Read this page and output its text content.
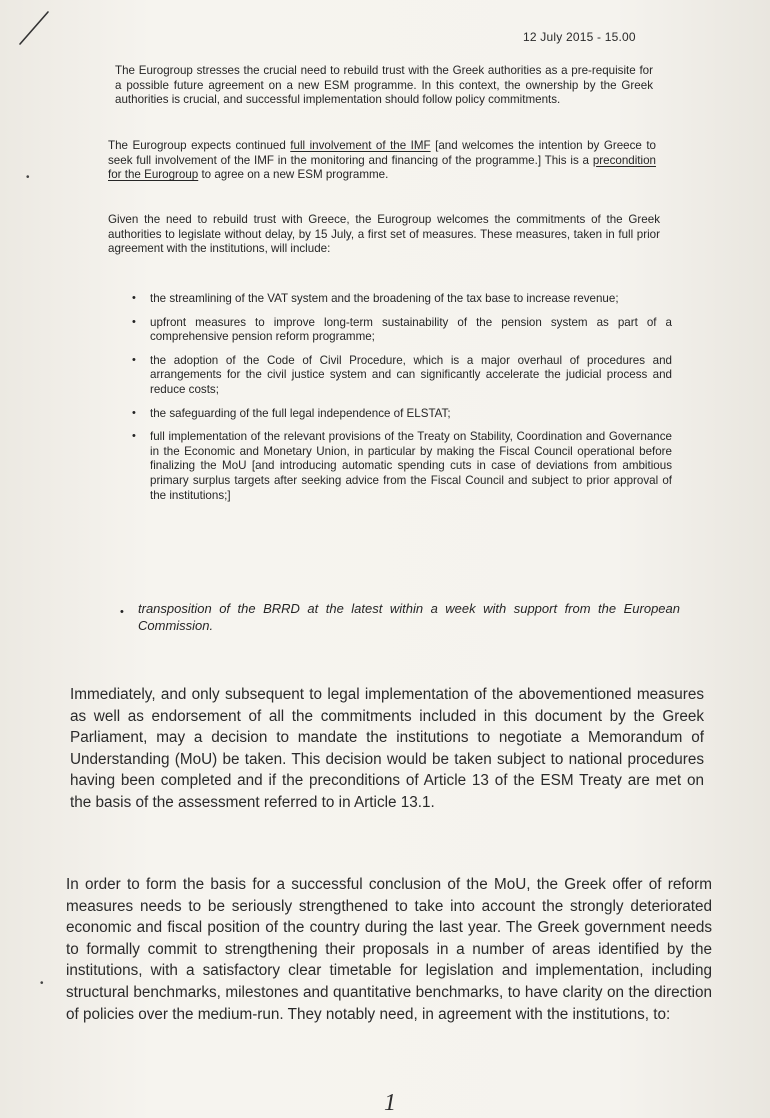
12 July 2015 - 15.00

The Eurogroup stresses the crucial need to rebuild trust with the Greek authorities as a pre-requisite for a possible future agreement on a new ESM programme. In this context, the ownership by the Greek authorities is crucial, and successful implementation should follow policy commitments.

The Eurogroup expects continued full involvement of the IMF [and welcomes the intention by Greece to seek full involvement of the IMF in the monitoring and financing of the programme.] This is a precondition for the Eurogroup to agree on a new ESM programme.

Given the need to rebuild trust with Greece, the Eurogroup welcomes the commitments of the Greek authorities to legislate without delay, by 15 July, a first set of measures. These measures, taken in full prior agreement with the institutions, will include:

• the streamlining of the VAT system and the broadening of the tax base to increase revenue;

• upfront measures to improve long-term sustainability of the pension system as part of a comprehensive pension reform programme;

• the adoption of the Code of Civil Procedure, which is a major overhaul of procedures and arrangements for the civil justice system and can significantly accelerate the judicial process and reduce costs;

• the safeguarding of the full legal independence of ELSTAT;

• full implementation of the relevant provisions of the Treaty on Stability, Coordination and Governance in the Economic and Monetary Union, in particular by making the Fiscal Council operational before finalizing the MoU [and introducing automatic spending cuts in case of deviations from ambitious primary surplus targets after seeking advice from the Fiscal Council and subject to prior approval of the institutions;]

• transposition of the BRRD at the latest within a week with support from the European Commission.

Immediately, and only subsequent to legal implementation of the abovementioned measures as well as endorsement of all the commitments included in this document by the Greek Parliament, may a decision to mandate the institutions to negotiate a Memorandum of Understanding (MoU) be taken. This decision would be taken subject to national procedures having been completed and if the preconditions of Article 13 of the ESM Treaty are met on the basis of the assessment referred to in Article 13.1.

In order to form the basis for a successful conclusion of the MoU, the Greek offer of reform measures needs to be seriously strengthened to take into account the strongly deteriorated economic and fiscal position of the country during the last year. The Greek government needs to formally commit to strengthening their proposals in a number of areas identified by the institutions, with a satisfactory clear timetable for legislation and implementation, including structural benchmarks, milestones and quantitative benchmarks, to have clarity on the direction of policies over the medium-run. They notably need, in agreement with the institutions, to:

•
•
1
